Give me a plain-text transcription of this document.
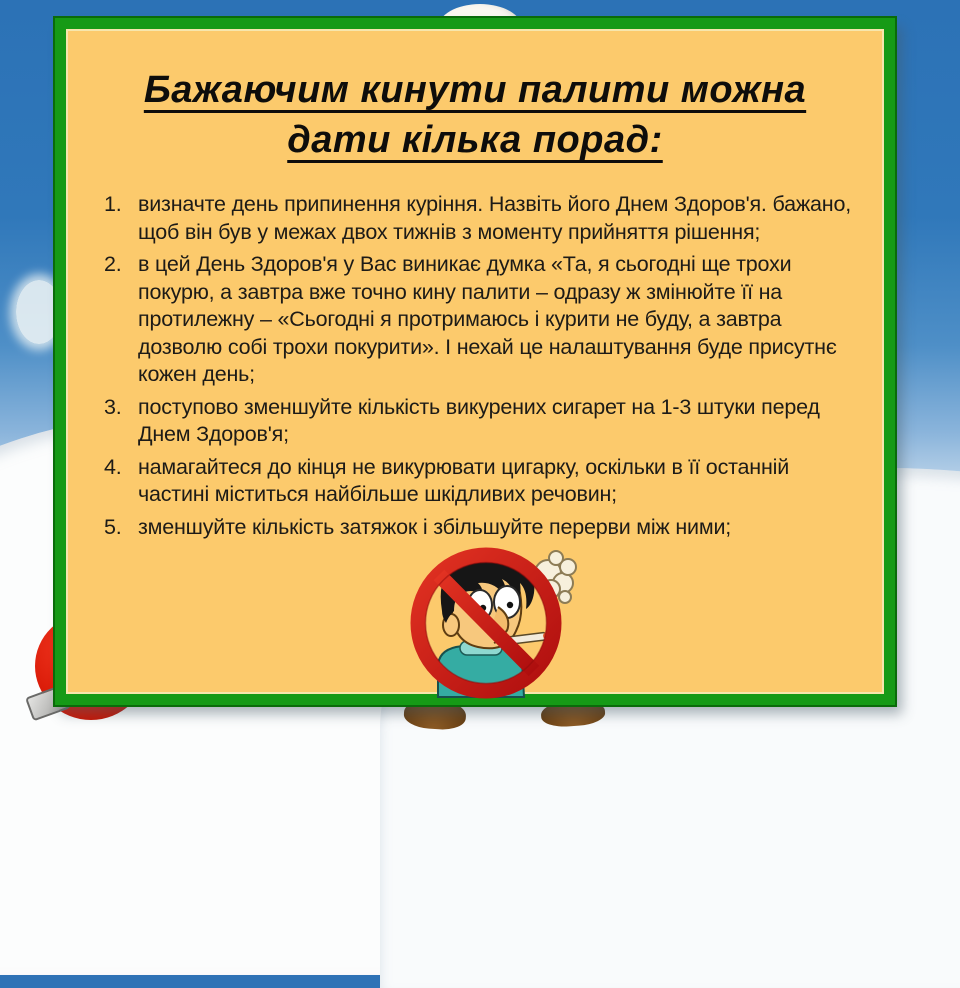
Бажаючим кинути палити можна
дати кілька порад:
1. визначте день припинення куріння. Назвіть його Днем Здоров'я. бажано, щоб він був у межах двох тижнів з моменту прийняття рішення;
2. в цей День Здоров'я у Вас виникає думка «Та, я сьогодні ще трохи покурю, а завтра вже точно кину палити – одразу ж змінюйте її на протилежну – «Сьогодні я протримаюсь і курити не буду, а завтра дозволю собі трохи покурити». І нехай це налаштування буде присутнє кожен день;
3. поступово зменшуйте кількість викурених сигарет на 1-3 штуки перед Днем Здоров'я;
4. намагайтеся до кінця не викурювати цигарку, оскільки в її останній частині міститься найбільше шкідливих речовин;
5. зменшуйте кількість затяжок і збільшуйте перерви між ними;
